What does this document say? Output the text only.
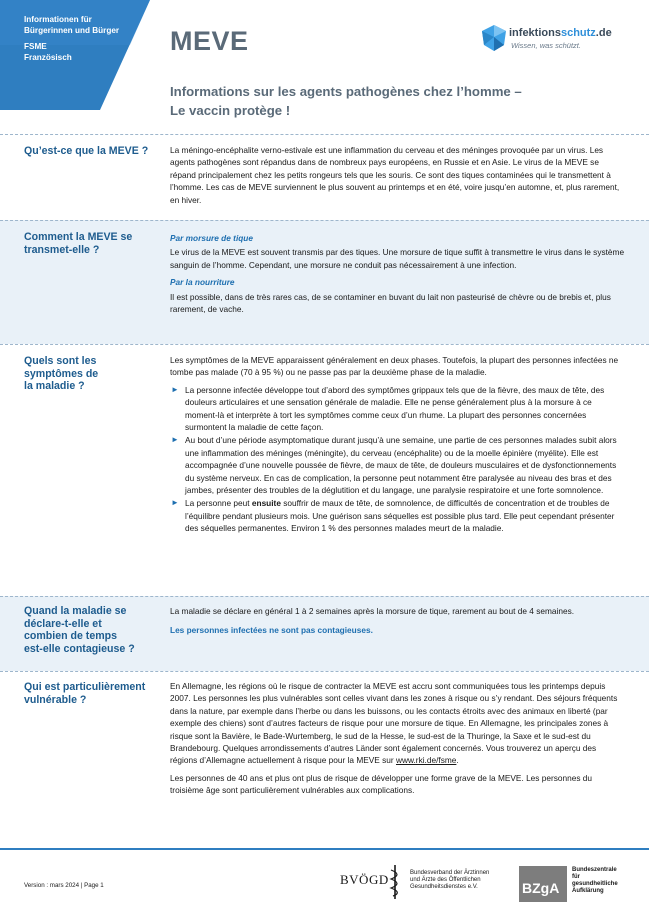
Informationen für
Bürgerinnen und Bürger
FSME
Französisch
MEVE	infektionsschutz.de
Wissen, was schützt.
Informations sur les agents pathogènes chez l’homme –
Le vaccin protège !
Qu’est-ce que la MEVE ?	La méningo-encéphalite verno-estivale est une inflammation du cerveau et des méninges provoquée par un virus. Les agents pathogènes sont répandus dans de nombreux pays européens, en Russie et en Asie. Le virus de la MEVE se répand principalement chez les petits rongeurs tels que les souris. Ce sont des tiques contaminées qui le transmettent à l’homme. Les cas de MEVE surviennent le plus souvent au printemps et en été, voire jusqu’en automne, et, plus rarement, en hiver.

Comment la MEVE se
transmet-elle ?
Par morsure de tique

Le virus de la MEVE est souvent transmis par des tiques. Une morsure de tique suffit à transmettre le virus dans le système sanguin de l’homme. Cependant, une morsure ne conduit pas nécessairement à une infection.

Par la nourriture

Il est possible, dans de très rares cas, de se contaminer en buvant du lait non pasteurisé de chèvre ou de brebis et, plus rarement, de vache.

Quels sont les
symptômes de
la maladie ?

Les symptômes de la MEVE apparaissent généralement en deux phases. Toutefois, la plupart des personnes infectées ne tombe pas malade (70 à 95 %) ou ne passe pas par la deuxième phase de la maladie.

► La personne infectée développe tout d’abord des symptômes grippaux tels que de la fièvre, des maux de tête, des douleurs articulaires et une sensation générale de maladie. Elle ne pense généralement plus à la morsure à ce moment-là et interprète à tort les symptômes comme ceux d’un rhume. La plupart des personnes concernées surmontent la maladie de cette façon.
► Au bout d’une période asymptomatique durant jusqu’à une semaine, une partie de ces personnes malades subit alors une inflammation des méninges (méningite), du cerveau (encéphalite) ou de la moelle épinière (myélite). Elle est accompagnée d’une nouvelle poussée de fièvre, de maux de tête, de douleurs musculaires et de dysfonctionnements du système nerveux. En cas de complication, la personne peut notamment être paralysée au niveau des bras et des jambes, présenter des troubles de la déglutition et du langage, une paralysie respiratoire et une forte somnolence.
► La personne peut ensuite souffrir de maux de tête, de somnolence, de difficultés de concentration et de troubles de l’équilibre pendant plusieurs mois. Une guérison sans séquelles est possible plus tard. Elle peut cependant présenter des séquelles permanentes. Environ 1 % des personnes malades meurt de la maladie.
Quand la maladie se
déclare-t-elle et
combien de temps
est-elle contagieuse ?

La maladie se déclare en général 1 à 2 semaines après la morsure de tique, rarement au bout de 4 semaines.

Les personnes infectées ne sont pas contagieuses.
Qui est particulièrement
vulnérable ?

En Allemagne, les régions où le risque de contracter la MEVE est accru sont communiquées tous les printemps depuis 2007. Les personnes les plus vulnérables sont celles vivant dans les zones à risque ou s’y rendant. Des séjours fréquents dans la nature, par exemple dans l’herbe ou dans les buissons, ou les contacts étroits avec des animaux en liberté (par exemple des chiens) sont d’autres facteurs de risque pour une morsure de tique. En Allemagne, les principales zones à risque sont la Bavière, le Bade-Wurtemberg, le sud de la Hesse, le sud-est de la Thuringe, la Saxe et le sud-est du Brandebourg. Quelques arrondissements d’autres Länder sont également concernés. Vous trouverez un aperçu des régions d’Allemagne actuellement à risque pour la MEVE sur www.rki.de/fsme.

Les personnes de 40 ans et plus ont plus de risque de développer une forme grave de la MEVE. Les personnes du troisième âge sont particulièrement vulnérables aux complications.

Version : mars 2024 | Page 1	BVÖGD	Bundesverband der Ärztinnen
und Ärzte des Öffentlichen
Gesundheitsdienstes e.V.	BZgA
Bundeszentrale
für
gesundheitliche
Aufklärung
